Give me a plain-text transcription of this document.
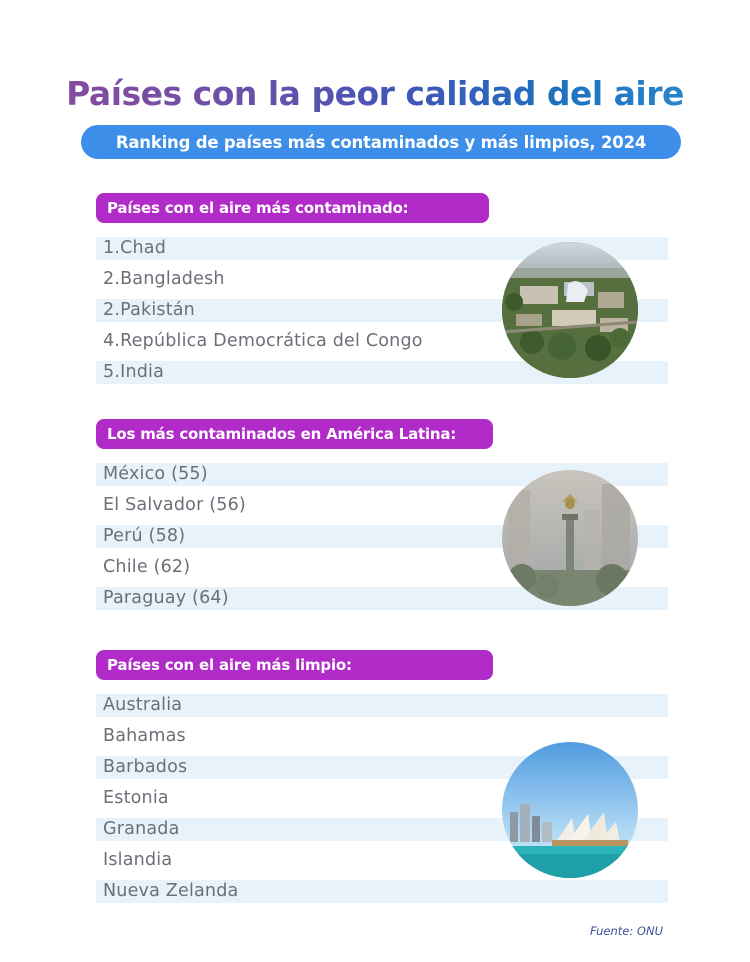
Países con la peor calidad del aire
Ranking de países más contaminados y más limpios, 2024
Países con el aire más contaminado:
1.Chad
2.Bangladesh
2.Pakistán
4.República Democrática del Congo
5.India
Los más contaminados en América Latina:
México (55)
El Salvador (56)
Perú (58)
Chile (62)
Paraguay (64)
Países con el aire más limpio:
Australia
Bahamas
Barbados
Estonia
Granada
Islandia
Nueva Zelanda
Fuente: ONU
